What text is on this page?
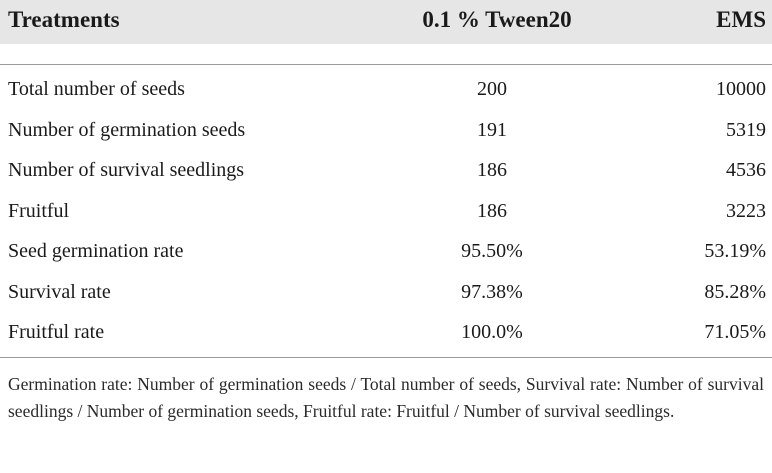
Treatments	0.1 % Tween20	EMS
Total number of seeds	200	10000
Number of germination seeds	191	5319
Number of survival seedlings	186	4536
Fruitful	186	3223
Seed germination rate	95.50%	53.19%
Survival rate	97.38%	85.28%
Fruitful rate	100.0%	71.05%
Germination rate: Number of germination seeds / Total number of seeds, Survival rate: Number of survival seedlings / Number of germination seeds, Fruitful rate: Fruitful / Number of survival seedlings.
